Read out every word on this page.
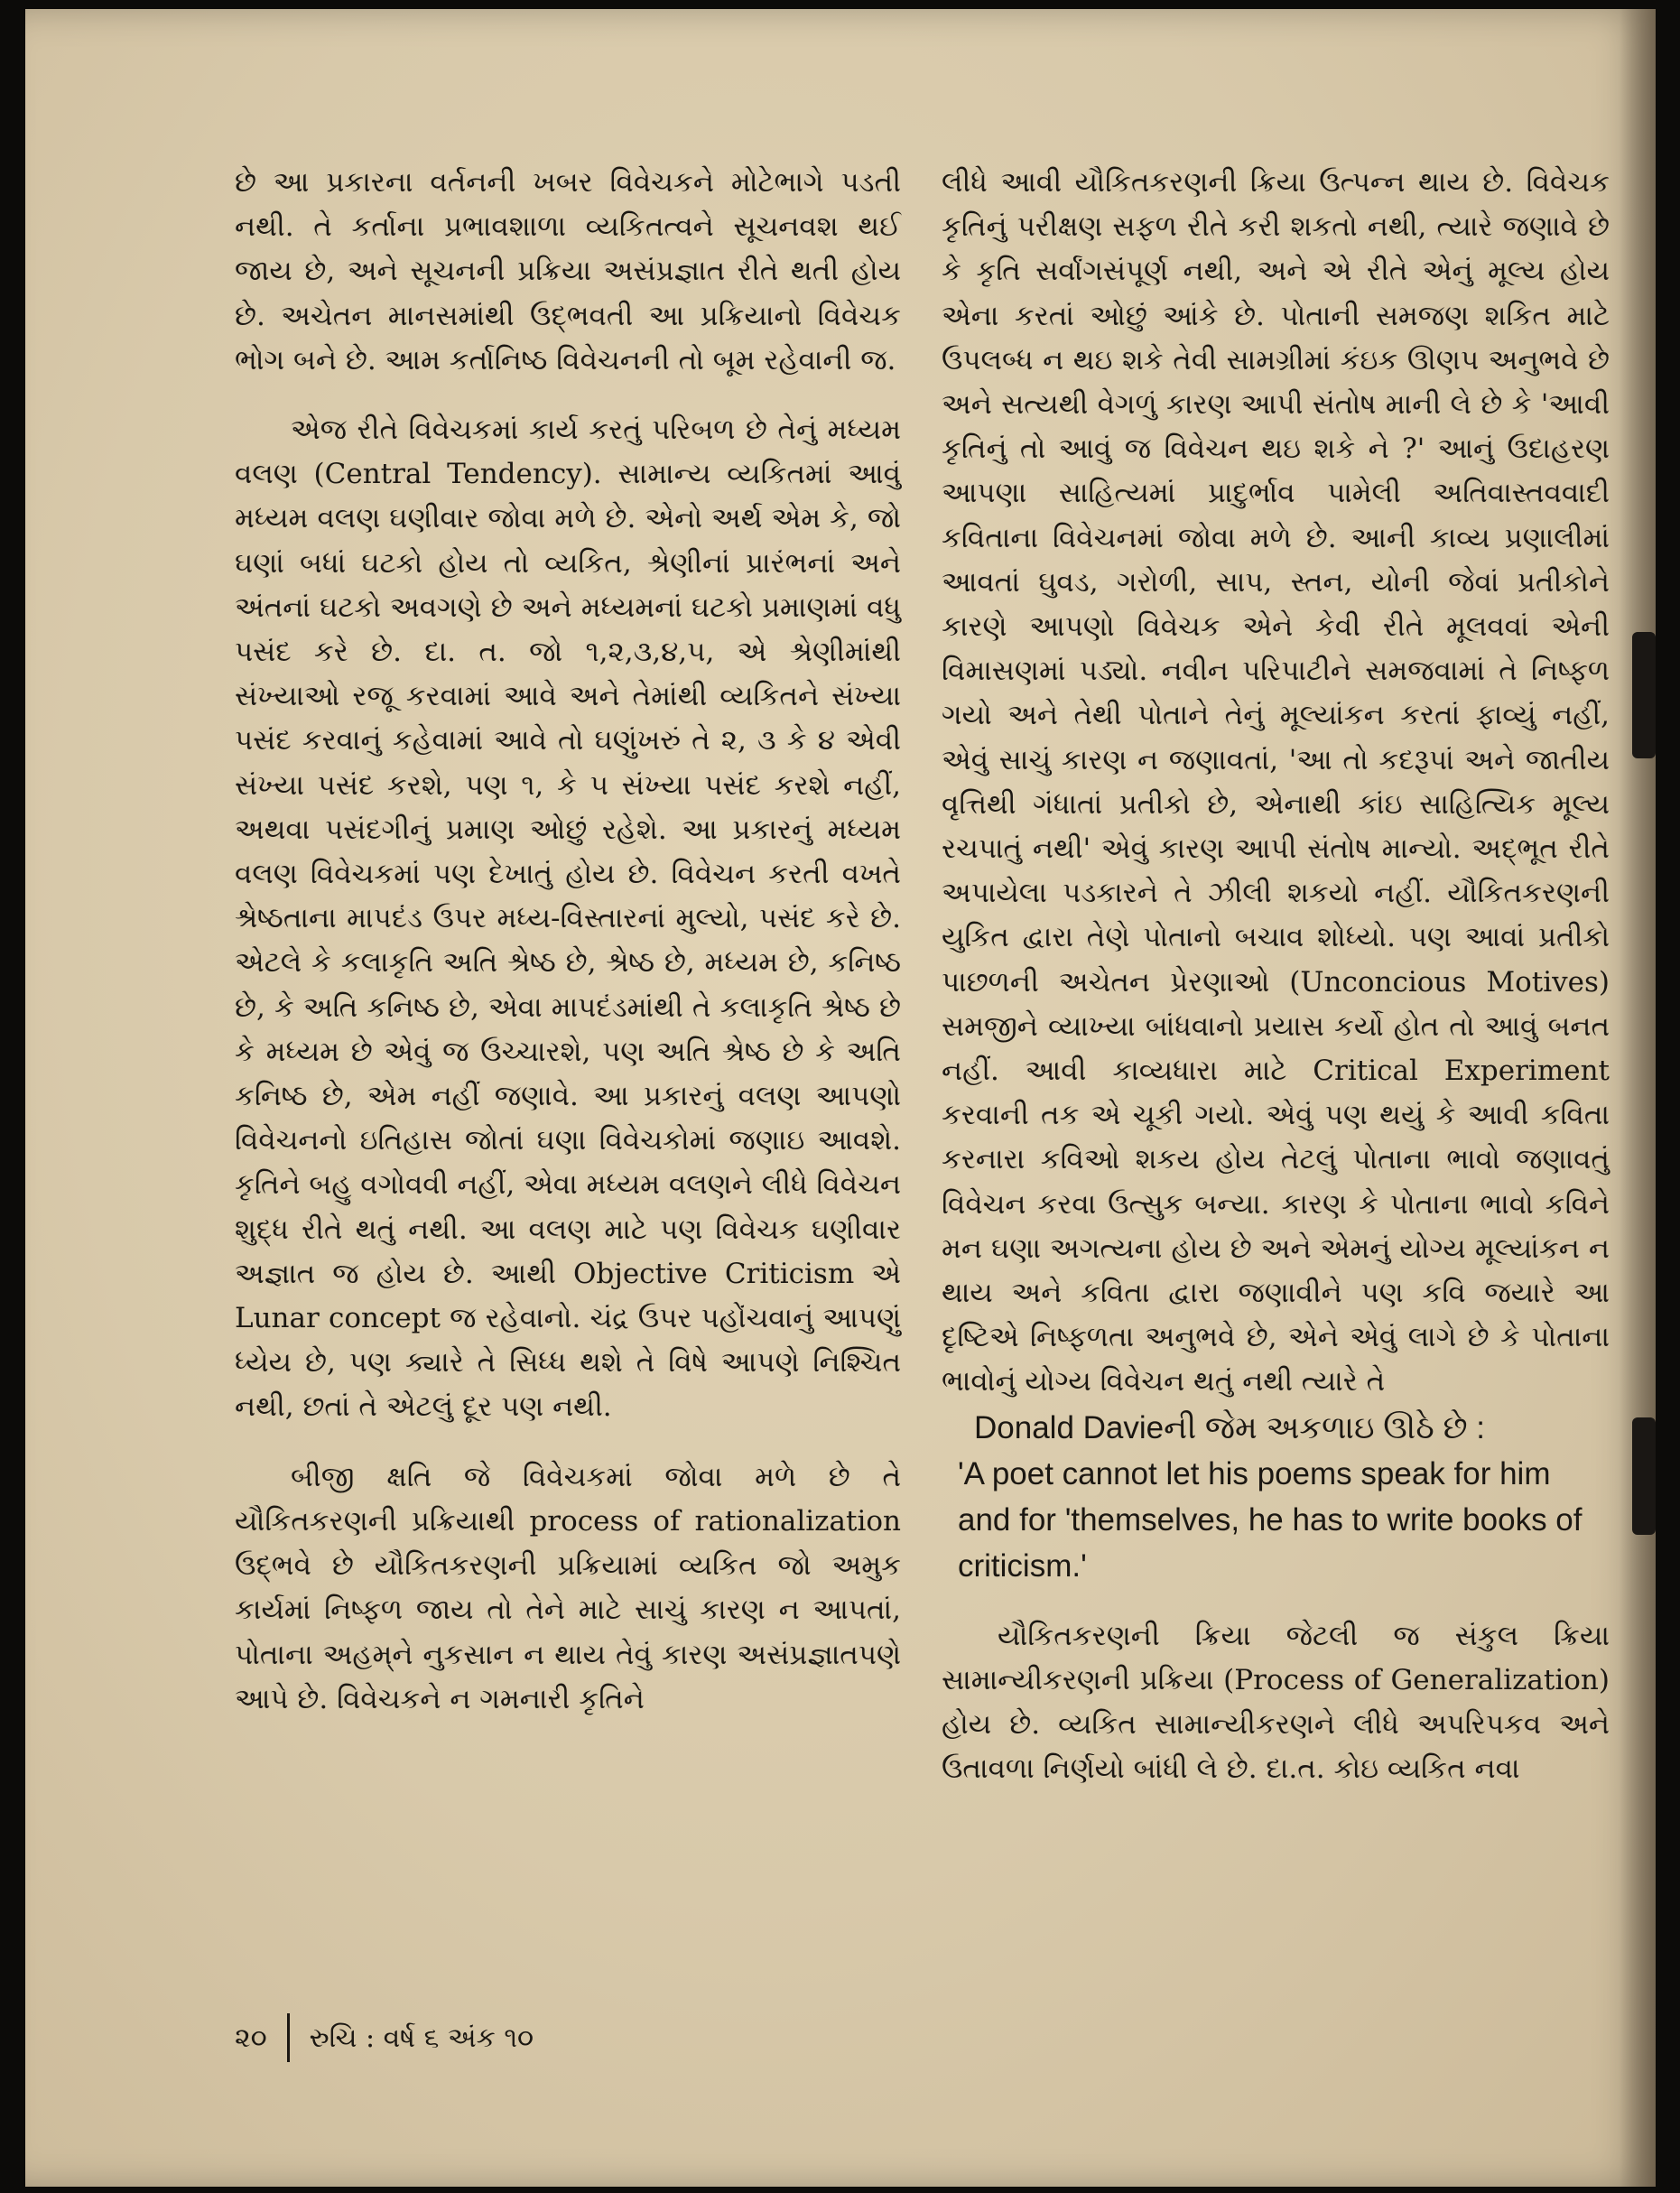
છે આ પ્રકારના વર્તનની ખબર વિવેચકને મોટેભાગે પડતી નથી. તે કર્તાના પ્રભાવશાળા વ્યકિતત્વને સૂચનવશ થઈ જાય છે, અને સૂચનની પ્રક્રિયા અસંપ્રજ્ઞાત રીતે થતી હોય છે. અચેતન માનસમાંથી ઉદ્ભવતી આ પ્રક્રિયાનો વિવેચક ભોગ બને છે. આમ કર્તાનિષ્ઠ વિવેચનની તો બૂમ રહેવાની જ.

એજ રીતે વિવેચકમાં કાર્ય કરતું પરિબળ છે તેનું મધ્યમ વલણ (Central Tendency). સામાન્ય વ્યકિતમાં આવું મધ્યમ વલણ ઘણીવાર જોવા મળે છે. એનો અર્થ એમ કે, જો ઘણાં બધાં ઘટકો હોય તો વ્યકિત, શ્રેણીનાં પ્રારંભનાં અને અંતનાં ઘટકો અવગણે છે અને મધ્યમનાં ઘટકો પ્રમાણમાં વધુ પસંદ કરે છે. દા. ત. જો ૧,૨,૩,૪,૫, એ શ્રેણીમાંથી સંખ્યાઓ રજૂ કરવામાં આવે અને તેમાંથી વ્યકિતને સંખ્યા પસંદ કરવાનું કહેવામાં આવે તો ઘણુંખરું તે ૨, ૩ કે ૪ એવી સંખ્યા પસંદ કરશે, પણ ૧, કે ૫ સંખ્યા પસંદ કરશે નહીં, અથવા પસંદગીનું પ્રમાણ ઓછું રહેશે. આ પ્રકારનું મધ્યમ વલણ વિવેચકમાં પણ દેખાતું હોય છે. વિવેચન કરતી વખતે શ્રેષ્ઠતાના માપદંડ ઉપર મધ્ય-વિસ્તારનાં મુલ્યો, પસંદ કરે છે. એટલે કે કલાકૃતિ અતિ શ્રેષ્ઠ છે, શ્રેષ્ઠ છે, મધ્યમ છે, કનિષ્ઠ છે, કે અતિ કનિષ્ઠ છે, એવા માપદંડમાંથી તે કલાકૃતિ શ્રેષ્ઠ છે કે મધ્યમ છે એવું જ ઉચ્ચારશે, પણ અતિ શ્રેષ્ઠ છે કે અતિ કનિષ્ઠ છે, એમ નહીં જણાવે. આ પ્રકારનું વલણ આપણો વિવેચનનો ઇતિહાસ જોતાં ઘણા વિવેચકોમાં જણાઇ આવશે. કૃતિને બહુ વગોવવી નહીં, એવા મધ્યમ વલણને લીધે વિવેચન શુદ્ધ રીતે થતું નથી. આ વલણ માટે પણ વિવેચક ઘણીવાર અજ્ઞાત જ હોય છે. આથી Objective Criticism એ Lunar concept જ રહેવાનો. ચંદ્ર ઉપર પહોંચવાનું આપણું ધ્યેય છે, પણ ક્યારે તે સિધ્ધ થશે તે વિષે આપણે નિશ્ચિત નથી, છતાં તે એટલું દૂર પણ નથી.

બીજી ક્ષતિ જે વિવેચકમાં જોવા મળે છે તે યૌકિતકરણની પ્રક્રિયાથી process of rationalization ઉદ્ભવે છે યૌકિતકરણની પ્રક્રિયામાં વ્યકિત જો અમુક કાર્યમાં નિષ્ફળ જાય તો તેને માટે સાચું કારણ ન આપતાં, પોતાના અહમ્‌ને નુકસાન ન થાય તેવું કારણ અસંપ્રજ્ઞાતપણે આપે છે. વિવેચકને ન ગમનારી કૃતિને

લીધે આવી યૌકિતકરણની ક્રિયા ઉત્પન્ન થાય છે. વિવેચક કૃતિનું પરીક્ષણ સફળ રીતે કરી શકતો નથી, ત્યારે જણાવે છે કે કૃતિ સર્વાંગસંપૂર્ણ નથી, અને એ રીતે એનું મૂલ્ય હોય એના કરતાં ઓછું આંકે છે. પોતાની સમજણ શકિત માટે ઉપલબ્ધ ન થઇ શકે તેવી સામગ્રીમાં કંઇક ઊણપ અનુભવે છે અને સત્યથી વેગળું કારણ આપી સંતોષ માની લે છે કે 'આવી કૃતિનું તો આવું જ વિવેચન થઇ શકે ને ?' આનું ઉદાહરણ આપણા સાહિત્યમાં પ્રાદુર્ભાવ પામેલી અતિવાસ્તવવાદી કવિતાના વિવેચનમાં જોવા મળે છે. આની કાવ્ય પ્રણાલીમાં આવતાં ઘુવડ, ગરોળી, સાપ, સ્તન, યોની જેવાં પ્રતીકોને કારણે આપણો વિવેચક એને કેવી રીતે મૂલવવાં એની વિમાસણમાં પડ્યો. નવીન પરિપાટીને સમજવામાં તે નિષ્ફળ ગયો અને તેથી પોતાને તેનું મૂલ્યાંકન કરતાં ફાવ્યું નહીં, એવું સાચું કારણ ન જણાવતાં, 'આ તો કદરૂપાં અને જાતીય વૃત્તિથી ગંધાતાં પ્રતીકો છે, એનાથી કાંઇ સાહિત્યિક મૂલ્ય રચપાતું નથી' એવું કારણ આપી સંતોષ માન્યો. અદ્ભૂત રીતે અપાયેલા પડકારને તે ઝીલી શકયો નહીં. યૌકિતકરણની યુકિત દ્વારા તેણે પોતાનો બચાવ શોધ્યો. પણ આવાં પ્રતીકો પાછળની અચેતન પ્રેરણાઓ (Unconcious Motives) સમજીને વ્યાખ્યા બાંધવાનો પ્રયાસ કર્યો હોત તો આવું બનત નહીં. આવી કાવ્યધારા માટે Critical Experiment કરવાની તક એ ચૂકી ગયો. એવું પણ થયું કે આવી કવિતા કરનારા કવિઓ શકય હોય તેટલું પોતાના ભાવો જણાવતું વિવેચન કરવા ઉત્સુક બન્યા. કારણ કે પોતાના ભાવો કવિને મન ઘણા અગત્યના હોય છે અને એમનું યોગ્ય મૂલ્યાંકન ન થાય અને કવિતા દ્વારા જણાવીને પણ કવિ જયારે આ દૃષ્ટિએ નિષ્ફળતા અનુભવે છે, એને એવું લાગે છે કે પોતાના ભાવોનું યોગ્ય વિવેચન થતું નથી ત્યારે તે

Donald Davieની જેમ અકળાઇ ઊઠે છે :

'A poet cannot let his poems speak for him and for 'themselves, he has to write books of criticism.'

યૌકિતકરણની ક્રિયા જેટલી જ સંકુલ ક્રિયા સામાન્યીકરણની પ્રક્રિયા (Process of Generalization) હોય છે. વ્યકિત સામાન્યીકરણને લીધે અપરિપકવ અને ઉતાવળા નિર્ણયો બાંધી લે છે. દા.ત. કોઇ વ્યકિત નવા

૨૦ રુચિ : વર્ષ ૬ અંક ૧૦
